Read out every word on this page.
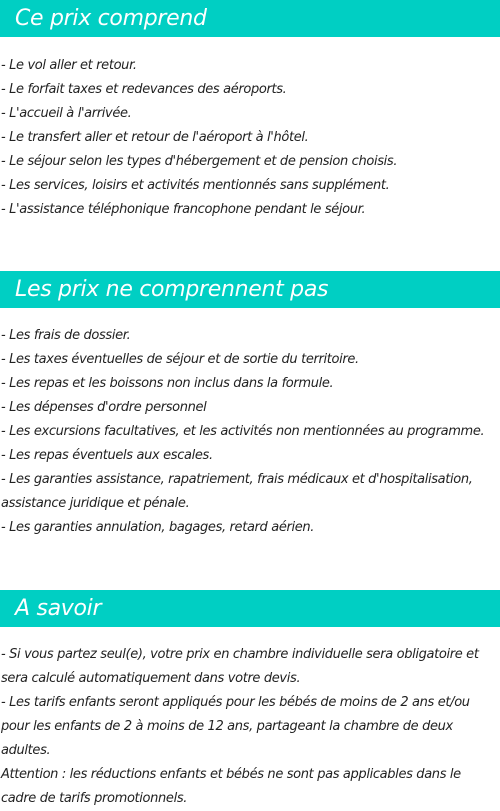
Ce prix comprend
- Le vol aller et retour.
- Le forfait taxes et redevances des aéroports.
- L'accueil à l'arrivée.
- Le transfert aller et retour de l'aéroport à l'hôtel.
- Le séjour selon les types d'hébergement et de pension choisis.
- Les services, loisirs et activités mentionnés sans supplément.
- L'assistance téléphonique francophone pendant le séjour.
Les prix ne comprennent pas
- Les frais de dossier.
- Les taxes éventuelles de séjour et de sortie du territoire.
- Les repas et les boissons non inclus dans la formule.
- Les dépenses d'ordre personnel
- Les excursions facultatives, et les activités non mentionnées au programme.
- Les repas éventuels aux escales.
- Les garanties assistance, rapatriement, frais médicaux et d'hospitalisation, assistance juridique et pénale.
- Les garanties annulation, bagages, retard aérien.
A savoir
- Si vous partez seul(e), votre prix en chambre individuelle sera obligatoire et sera calculé automatiquement dans votre devis.
- Les tarifs enfants seront appliqués pour les bébés de moins de 2 ans et/ou pour les enfants de 2 à moins de 12 ans, partageant la chambre de deux adultes.
Attention : les réductions enfants et bébés ne sont pas applicables dans le cadre de tarifs promotionnels.
